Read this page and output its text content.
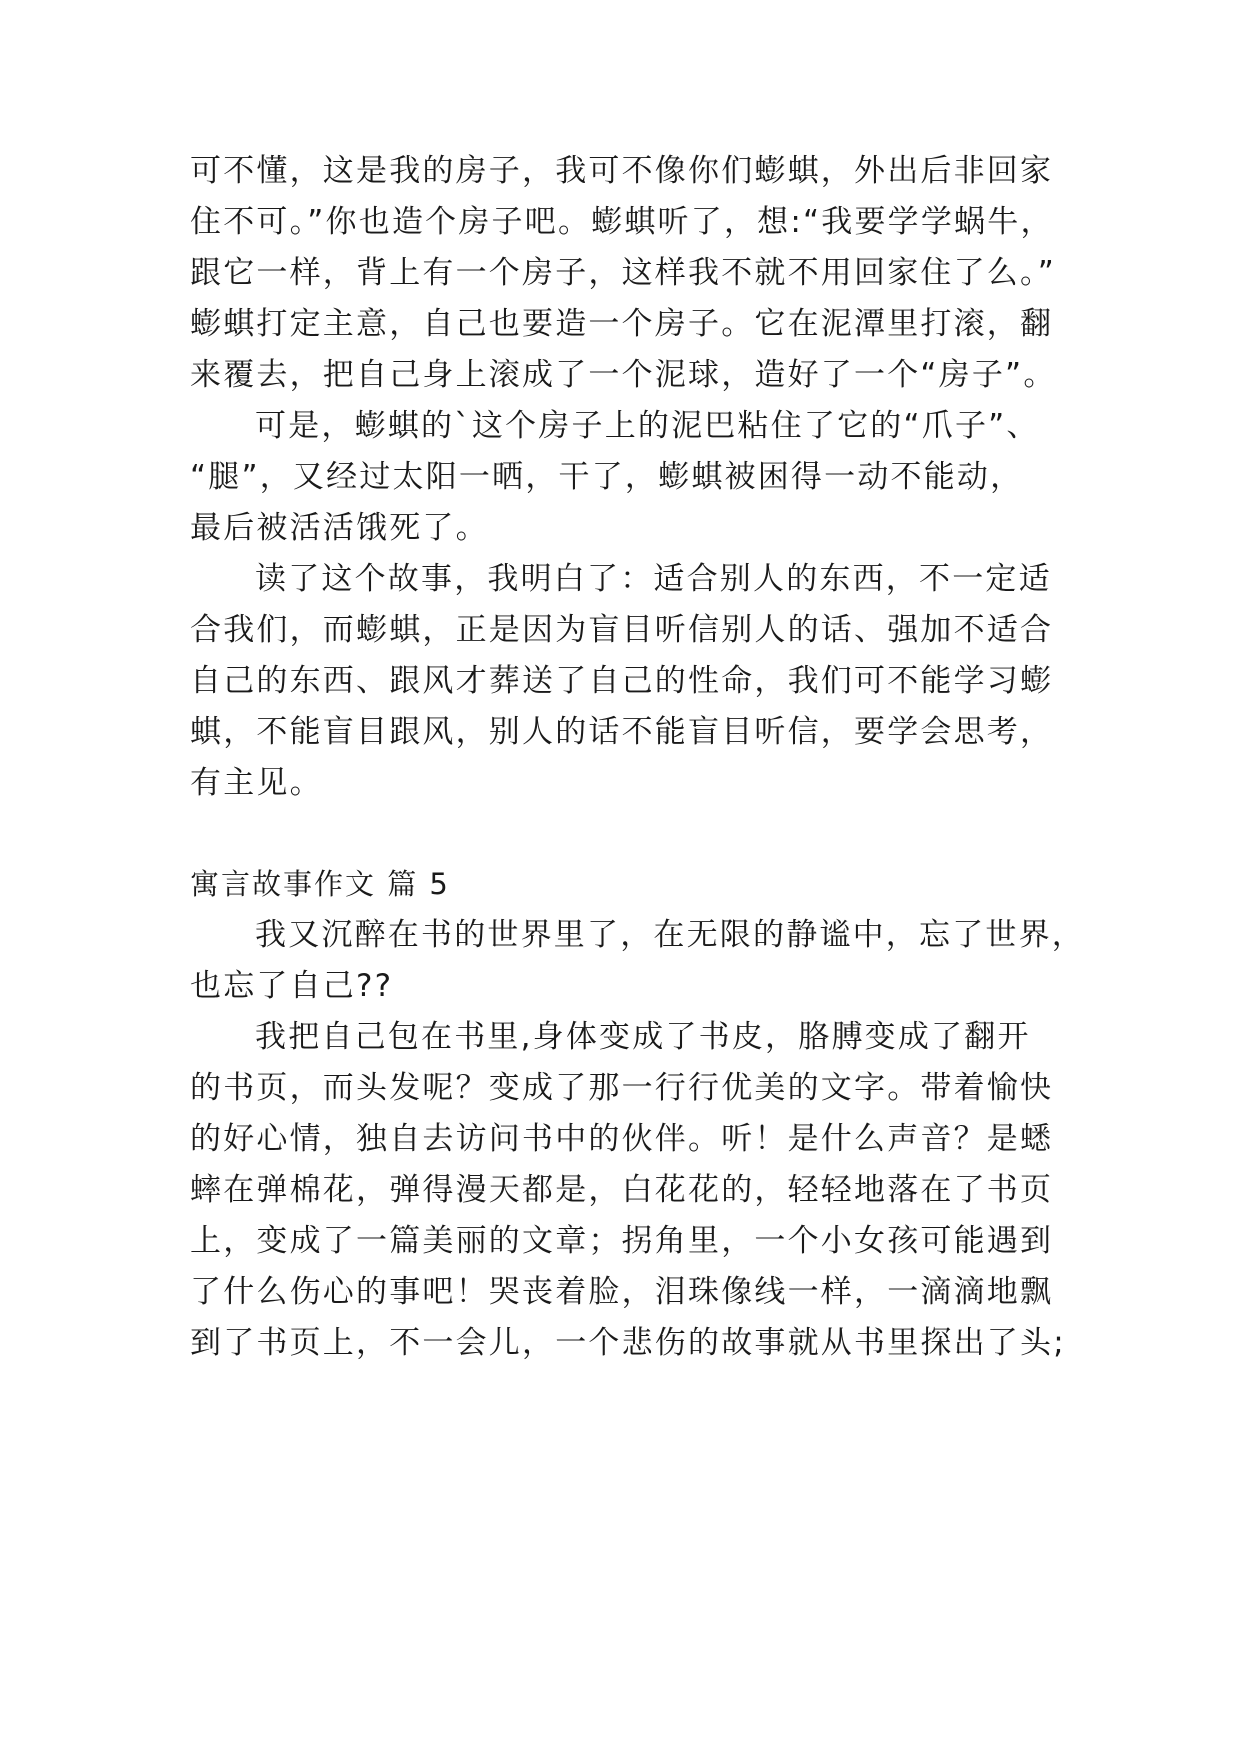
可不懂，这是我的房子，我可不像你们蟛蜞，外出后非回家
住不可。”你也造个房子吧。蟛蜞听了，想:“我要学学蜗牛，
跟它一样，背上有一个房子，这样我不就不用回家住了么。”
蟛蜞打定主意，自己也要造一个房子。它在泥潭里打滚，翻
来覆去，把自己身上滚成了一个泥球，造好了一个“房子”。
可是，蟛蜞的`这个房子上的泥巴粘住了它的“爪子”、
“腿”，又经过太阳一晒，干了，蟛蜞被困得一动不能动，
最后被活活饿死了。
读了这个故事，我明白了：适合别人的东西，不一定适
合我们，而蟛蜞，正是因为盲目听信别人的话、强加不适合
自己的东西、跟风才葬送了自己的性命，我们可不能学习蟛
蜞，不能盲目跟风，别人的话不能盲目听信，要学会思考，
有主见。
寓言故事作文 篇 5
我又沉醉在书的世界里了，在无限的静谧中，忘了世界，
也忘了自己??
我把自己包在书里,身体变成了书皮，胳膊变成了翻开
的书页，而头发呢？变成了那一行行优美的文字。带着愉快
的好心情，独自去访问书中的伙伴。听！是什么声音？是蟋
蟀在弹棉花，弹得漫天都是，白花花的，轻轻地落在了书页
上，变成了一篇美丽的文章；拐角里，一个小女孩可能遇到
了什么伤心的事吧！哭丧着脸，泪珠像线一样，一滴滴地飘
到了书页上，不一会儿，一个悲伤的故事就从书里探出了头;
